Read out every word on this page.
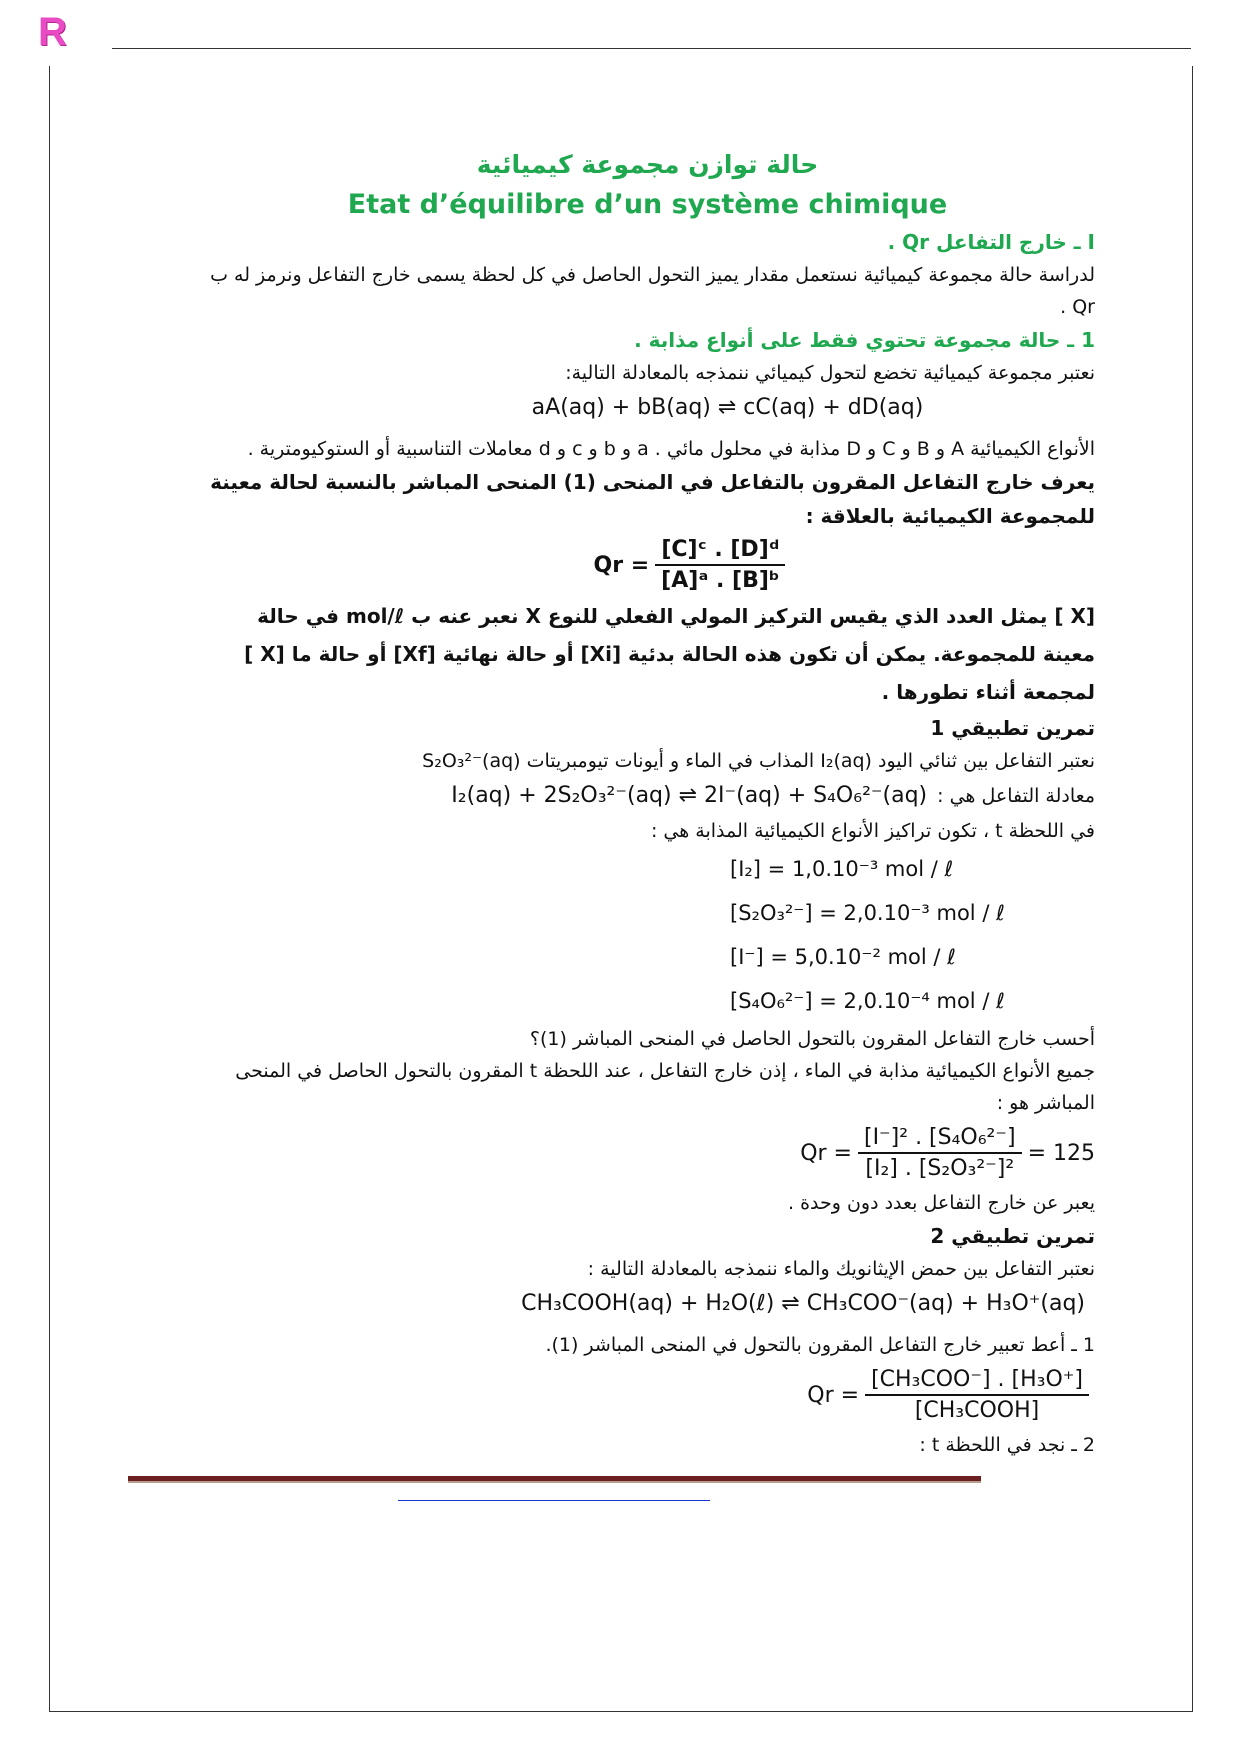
R

حالة توازن مجموعة كيميائية

Etat d’équilibre d’un système chimique

I ـ خارج التفاعل Qr .

لدراسة حالة مجموعة كيميائية نستعمل مقدار يميز التحول الحاصل في كل لحظة يسمى خارج التفاعل ونرمز له ب Qr .

1 ـ حالة مجموعة تحتوي فقط على أنواع مذابة .

نعتبر مجموعة كيميائية تخضع لتحول كيميائي ننمذجه بالمعادلة التالية:

aA(aq) + bB(aq) ⇌ cC(aq) + dD(aq)

الأنواع الكيميائية A و B و C و D مذابة في محلول مائي . a و b و c و d معاملات التناسبية أو الستوكيومترية .

يعرف خارج التفاعل المقرون بالتفاعل في المنحى (1) المنحى المباشر بالنسبة لحالة معينة للمجموعة الكيميائية بالعلاقة :

$Qr = \frac{\text{[C]ᶜ . [D]ᵈ}}{\text{[A]ᵃ . [B]ᵇ}}$

[X ] يمثل العدد الذي يقيس التركيز المولي الفعلي للنوع X نعبر عنه ب mol/ℓ في حالة معينة للمجموعة. يمكن أن تكون هذه الحالة بدئية [Xi] أو حالة نهائية [Xf] أو حالة ما [X ] لمجمعة أثناء تطورها .

تمرين تطبيقي 1

نعتبر التفاعل بين ثنائي اليود I₂(aq) المذاب في الماء و أيونات تيومبريتات S₂O₃²⁻(aq)

معادلة التفاعل هي :
I₂(aq) + 2S₂O₃²⁻(aq) ⇌ 2I⁻(aq) + S₄O₆²⁻(aq)

في اللحظة t ، تكون تراكيز الأنواع الكيميائية المذابة هي :

[I₂] = 1,0.10⁻³ mol / ℓ
[S₂O₃²⁻] = 2,0.10⁻³ mol / ℓ
[I⁻] = 5,0.10⁻² mol / ℓ
[S₄O₆²⁻] = 2,0.10⁻⁴ mol / ℓ

أحسب خارج التفاعل المقرون بالتحول الحاصل في المنحى المباشر (1)؟

جميع الأنواع الكيميائية مذابة في الماء ، إذن خارج التفاعل ، عند اللحظة t المقرون بالتحول الحاصل في المنحى المباشر هو :

$Qr = \frac{\text{[I⁻]² . [S₄O₆²⁻]}}{\text{[I₂] . [S₂O₃²⁻]²}} = 125$

يعبر عن خارج التفاعل بعدد دون وحدة .

تمرين تطبيقي 2

نعتبر التفاعل بين حمض الإيثانويك والماء ننمذجه بالمعادلة التالية :

CH₃COOH(aq) + H₂O(ℓ) ⇌ CH₃COO⁻(aq) + H₃O⁺(aq)

1 ـ أعط تعبير خارج التفاعل المقرون بالتحول في المنحى المباشر (1).

$Qr = \frac{\text{[CH₃COO⁻] . [H₃O⁺]}}{\text{[CH₃COOH]}}$

2 ـ نجد في اللحظة t :
